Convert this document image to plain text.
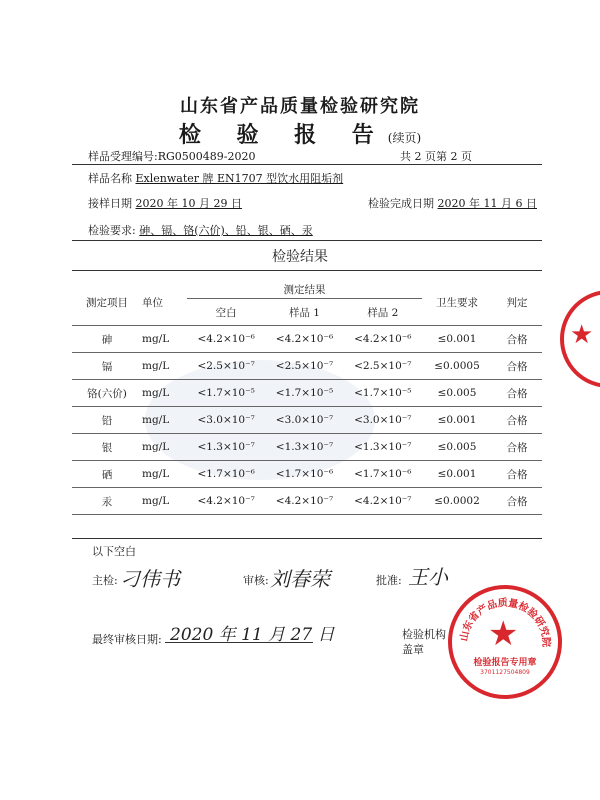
山东省产品质量检验研究院
检 验 报 告(续页)
样品受理编号:RG0500489-2020	共 2 页第 2 页
样品名称 Exlenwater 牌 EN1707 型饮水用阻垢剂
接样日期 2020 年 10 月 29 日	检验完成日期 2020 年 11 月 6 日
检验要求: 砷、镉、铬(六价)、铅、银、硒、汞
检验结果
测定项目	单位	测定结果			卫生要求	判定
		空白	样品 1	样品 2		
砷	mg/L	<4.2×10⁻⁶	<4.2×10⁻⁶	<4.2×10⁻⁶	≤0.001	合格
镉	mg/L	<2.5×10⁻⁷	<2.5×10⁻⁷	<2.5×10⁻⁷	≤0.0005	合格
铬(六价)	mg/L	<1.7×10⁻⁵	<1.7×10⁻⁵	<1.7×10⁻⁵	≤0.005	合格
铅	mg/L	<3.0×10⁻⁷	<3.0×10⁻⁷	<3.0×10⁻⁷	≤0.001	合格
银	mg/L	<1.3×10⁻⁷	<1.3×10⁻⁷	<1.3×10⁻⁷	≤0.005	合格
硒	mg/L	<1.7×10⁻⁶	<1.7×10⁻⁶	<1.7×10⁻⁶	≤0.001	合格
汞	mg/L	<4.2×10⁻⁷	<4.2×10⁻⁷	<4.2×10⁻⁷	≤0.0002	合格
以下空白
主检: 刁伟书	审核: 刘春荣	批准: 王小
最终审核日期: 2020 年 11 月 27 日	检验机构
盖章
山东省产品质量检验研究院
★
检验报告专用章
3701127504809
★
